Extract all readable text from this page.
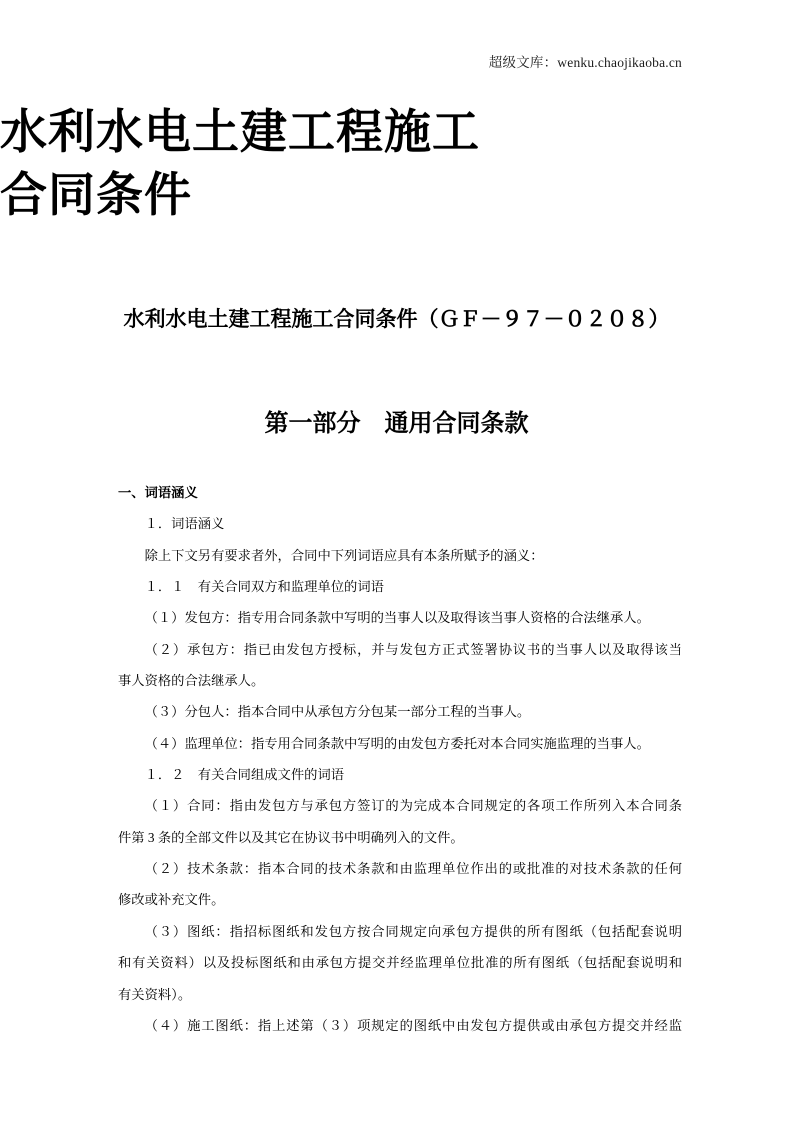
超级文库：wenku.chaojikaoba.cn
水利水电土建工程施工
合同条件
水利水电土建工程施工合同条件（ＧＦ－９７－０２０８）
第一部分　通用合同条款

一、词语涵义

１．词语涵义

除上下文另有要求者外，合同中下列词语应具有本条所赋予的涵义：

１．１　有关合同双方和监理单位的词语

（１）发包方：指专用合同条款中写明的当事人以及取得该当事人资格的合法继承人。

（２）承包方：指已由发包方授标，并与发包方正式签署协议书的当事人以及取得该当
事人资格的合法继承人。

（３）分包人：指本合同中从承包方分包某一部分工程的当事人。

（４）监理单位：指专用合同条款中写明的由发包方委托对本合同实施监理的当事人。

１．２　有关合同组成文件的词语

（１）合同：指由发包方与承包方签订的为完成本合同规定的各项工作所列入本合同条
件第 3 条的全部文件以及其它在协议书中明确列入的文件。

（２）技术条款：指本合同的技术条款和由监理单位作出的或批准的对技术条款的任何
修改或补充文件。

（３）图纸：指招标图纸和发包方按合同规定向承包方提供的所有图纸（包括配套说明
和有关资料）以及投标图纸和由承包方提交并经监理单位批准的所有图纸（包括配套说明和
有关资料）。

（４）施工图纸：指上述第（３）项规定的图纸中由发包方提供或由承包方提交并经监
